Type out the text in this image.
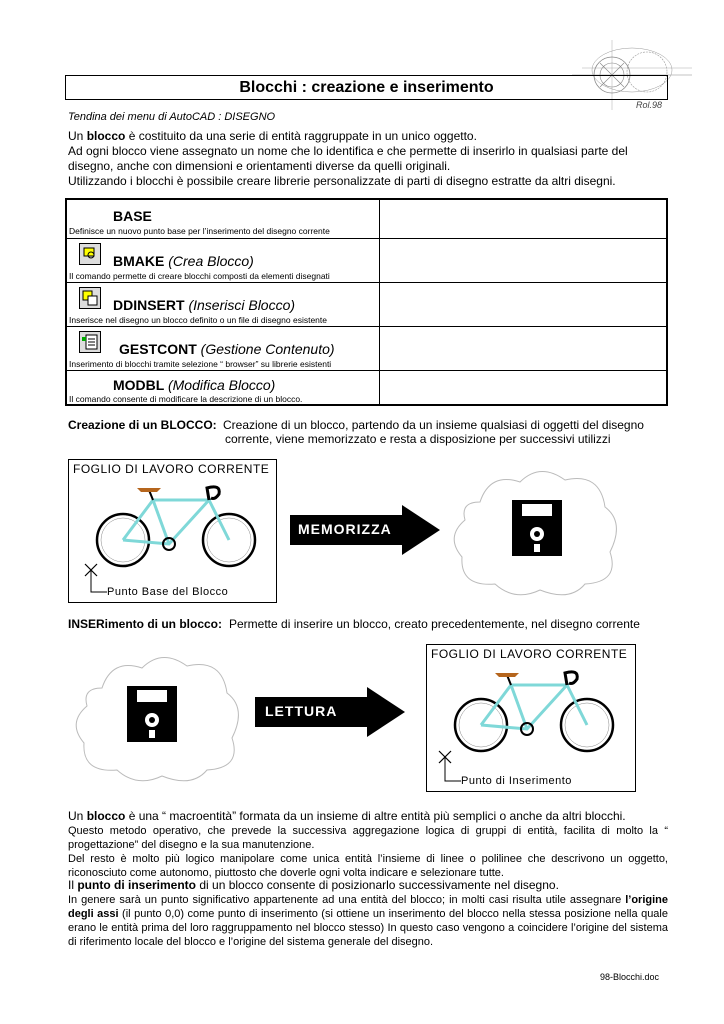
Blocchi : creazione e inserimento
Rol.98
Tendina dei menu di AutoCAD : DISEGNO
Un blocco è costituito da una serie di entità raggruppate in un unico oggetto.
Ad ogni blocco viene assegnato un nome che lo identifica e che permette di inserirlo in qualsiasi parte del disegno, anche con dimensioni e orientamenti diverse da quelli originali.
Utilizzando i blocchi è possibile creare librerie personalizzate di parti di disegno estratte da altri disegni.
BASE
Definisce un nuovo punto base per l’inserimento del disegno corrente
BMAKE (Crea Blocco)
Il comando permette di creare blocchi composti da elementi disegnati
DDINSERT (Inserisci Blocco)
Inserisce nel disegno un blocco definito o un file di disegno esistente
GESTCONT (Gestione Contenuto)
Inserimento di blocchi tramite selezione “ browser” su librerie esistenti
MODBL (Modifica Blocco)
Il comando consente di modificare la descrizione di un blocco.
Creazione di un BLOCCO: Creazione di un blocco, partendo da un insieme qualsiasi di oggetti del disegno
corrente, viene memorizzato e resta a disposizione per successivi utilizzi
FOGLIO DI LAVORO CORRENTE
Punto Base del Blocco
MEMORIZZA
INSERimento di un blocco: Permette di inserire un blocco, creato precedentemente, nel disegno corrente
LETTURA
FOGLIO DI LAVORO CORRENTE
Punto di Inserimento
Un blocco è una “ macroentità” formata da un insieme di altre entità più semplici o anche da altri blocchi.
Questo metodo operativo, che prevede la successiva aggregazione logica di gruppi di entità, facilita di molto la “ progettazione” del disegno e la sua manutenzione.
Del resto è molto più logico manipolare come unica entità l’insieme di linee o polilinee che descrivono un oggetto, riconosciuto come autonomo, piuttosto che doverle ogni volta indicare e selezionare tutte.
Il punto di inserimento di un blocco consente di posizionarlo successivamente nel disegno.
In genere sarà un punto significativo appartenente ad una entità del blocco; in molti casi risulta utile assegnare l’origine degli assi (il punto 0,0) come punto di inserimento (si ottiene un inserimento del blocco nella stessa posizione nella quale erano le entità prima del loro raggruppamento nel blocco stesso) In questo caso vengono a coincidere l’origine del sistema di riferimento locale del blocco e l’origine del sistema generale del disegno.
98-Blocchi.doc
